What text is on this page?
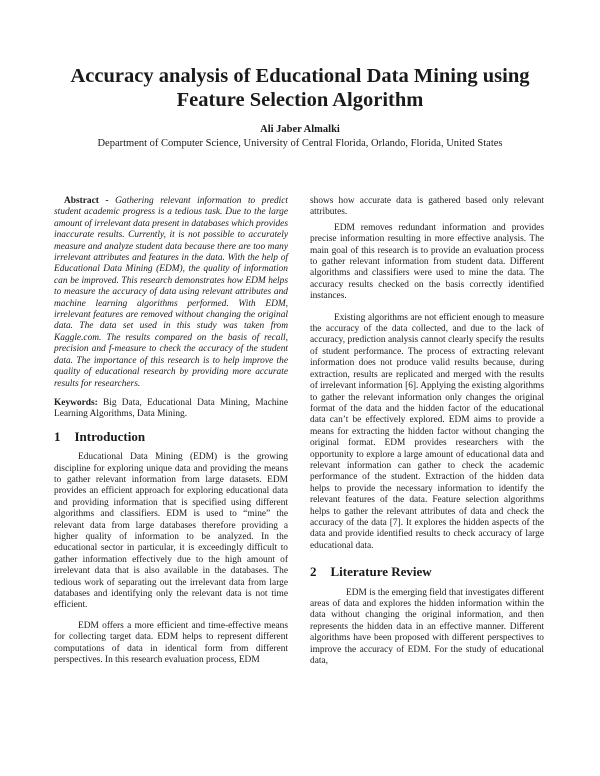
Accuracy analysis of Educational Data Mining using
Feature Selection Algorithm
Ali Jaber Almalki
Department of Computer Science, University of Central Florida, Orlando, Florida, United States

Abstract - Gathering relevant information to predict student academic progress is a tedious task. Due to the large amount of irrelevant data present in databases which provides inaccurate results. Currently, it is not possible to accurately measure and analyze student data because there are too many irrelevant attributes and features in the data. With the help of Educational Data Mining (EDM), the quality of information can be improved. This research demonstrates how EDM helps to measure the accuracy of data using relevant attributes and machine learning algorithms performed. With EDM, irrelevant features are removed without changing the original data. The data set used in this study was taken from Kaggle.com. The results compared on the basis of recall, precision and f-measure to check the accuracy of the student data. The importance of this research is to help improve the quality of educational research by providing more accurate results for researchers.

Keywords: Big Data, Educational Data Mining, Machine Learning Algorithms, Data Mining.

1 Introduction

Educational Data Mining (EDM) is the growing discipline for exploring unique data and providing the means to gather relevant information from large datasets. EDM provides an efficient approach for exploring educational data and providing information that is specified using different algorithms and classifiers. EDM is used to “mine” the relevant data from large databases therefore providing a higher quality of information to be analyzed. In the educational sector in particular, it is exceedingly difficult to gather information effectively due to the high amount of irrelevant data that is also available in the databases. The tedious work of separating out the irrelevant data from large databases and identifying only the relevant data is not time efficient.

EDM offers a more efficient and time-effective means for collecting target data. EDM helps to represent different computations of data in identical form from different perspectives. In this research evaluation process, EDM

shows how accurate data is gathered based only relevant attributes.

EDM removes redundant information and provides precise information resulting in more effective analysis. The main goal of this research is to provide an evaluation process to gather relevant information from student data. Different algorithms and classifiers were used to mine the data. The accuracy results checked on the basis correctly identified instances.

Existing algorithms are not efficient enough to measure the accuracy of the data collected, and due to the lack of accuracy, prediction analysis cannot clearly specify the results of student performance. The process of extracting relevant information does not produce valid results because, during extraction, results are replicated and merged with the results of irrelevant information [6]. Applying the existing algorithms to gather the relevant information only changes the original format of the data and the hidden factor of the educational data can’t be effectively explored. EDM aims to provide a means for extracting the hidden factor without changing the original format. EDM provides researchers with the opportunity to explore a large amount of educational data and relevant information can gather to check the academic performance of the student. Extraction of the hidden data helps to provide the necessary information to identify the relevant features of the data. Feature selection algorithms helps to gather the relevant attributes of data and check the accuracy of the data [7]. It explores the hidden aspects of the data and provide identified results to check accuracy of large educational data.

2 Literature Review

EDM is the emerging field that investigates different areas of data and explores the hidden information within the data without changing the original information, and then represents the hidden data in an effective manner. Different algorithms have been proposed with different perspectives to improve the accuracy of EDM. For the study of educational data,
